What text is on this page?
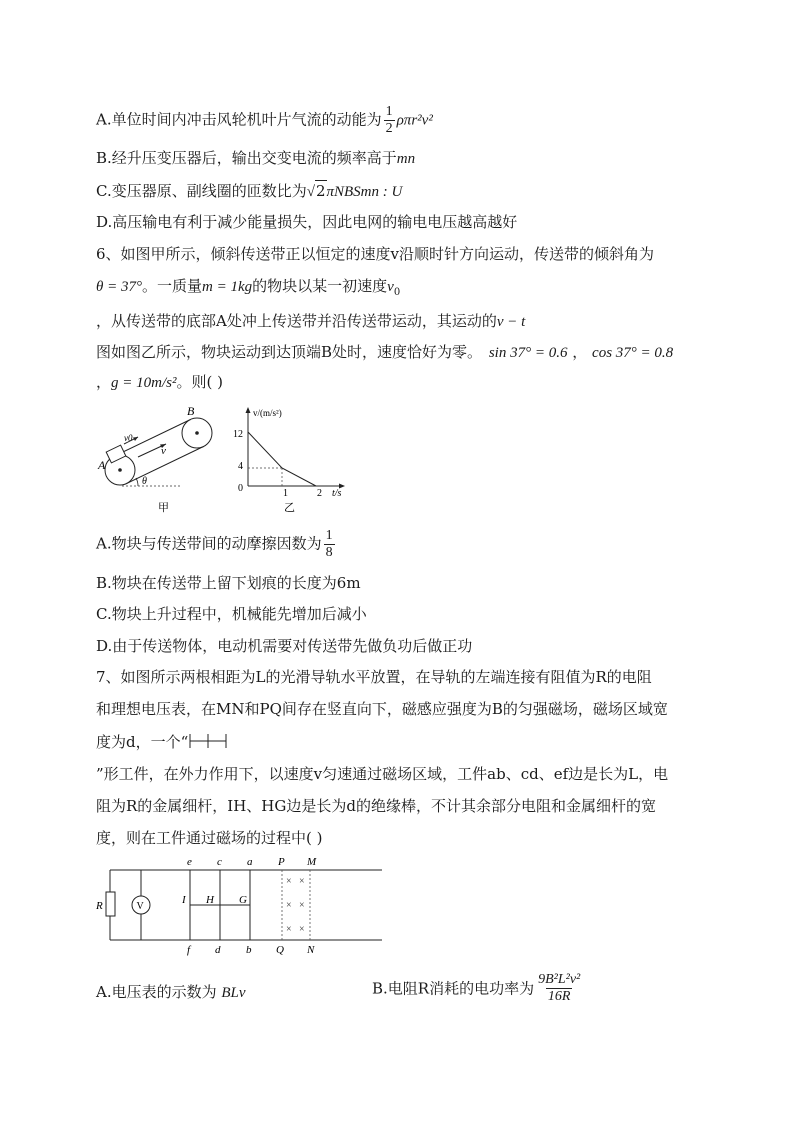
A.单位时间内冲击风轮机叶片气流的动能为 $\frac{1}{2} \rho\pi r^2v^2$
B.经升压变压器后，输出交变电流的频率高于mn
C.变压器原、副线圈的匝数比为√2πNBSmn : U
D.高压输电有利于减少能量损失，因此电网的输电电压越高越好
6、如图甲所示，倾斜传送带正以恒定的速度v沿顺时针方向运动，传送带的倾斜角为
θ = 37°。一质量m = 1kg的物块以某一初速度$v_0$
，从传送带的底部A处冲上传送带并沿传送带运动，其运动的v − t
图如图乙所示，物块运动到达顶端B处时，速度恰好为零。 sin 37° = 0.6 ， cos 37° = 0.8
，g = 10m/s²。则( )
B
A
v0
v
θ
甲
v/(m/s²)
t/s
12
4
0	1	2
乙
A.物块与传送带间的动摩擦因数为 $\frac{1}{8}$
B.物块在传送带上留下划痕的长度为6m
C.物块上升过程中，机械能先增加后减小
D.由于传送物体，电动机需要对传送带先做负功后做正功
7、如图所示两根相距为L的光滑导轨水平放置，在导轨的左端连接有阻值为R的电阻
和理想电压表，在MN和PQ间存在竖直向下，磁感应强度为B的匀强磁场，磁场区域宽
度为d，一个“
”形工件，在外力作用下，以速度v匀速通过磁场区域，工件ab、cd、ef边是长为L，电
阻为R的金属细杆，IH、HG边是长为d的绝缘棒，不计其余部分电阻和金属细杆的宽
度，则在工件通过磁场的过程中( )
V
R
× ×
× ×
× ×
e c a P M
I H G
f d b Q N
A.电压表的示数为 BLv	B.电阻R消耗的电功率为 $\frac{\text{9B²L²v²}}{16R}$
